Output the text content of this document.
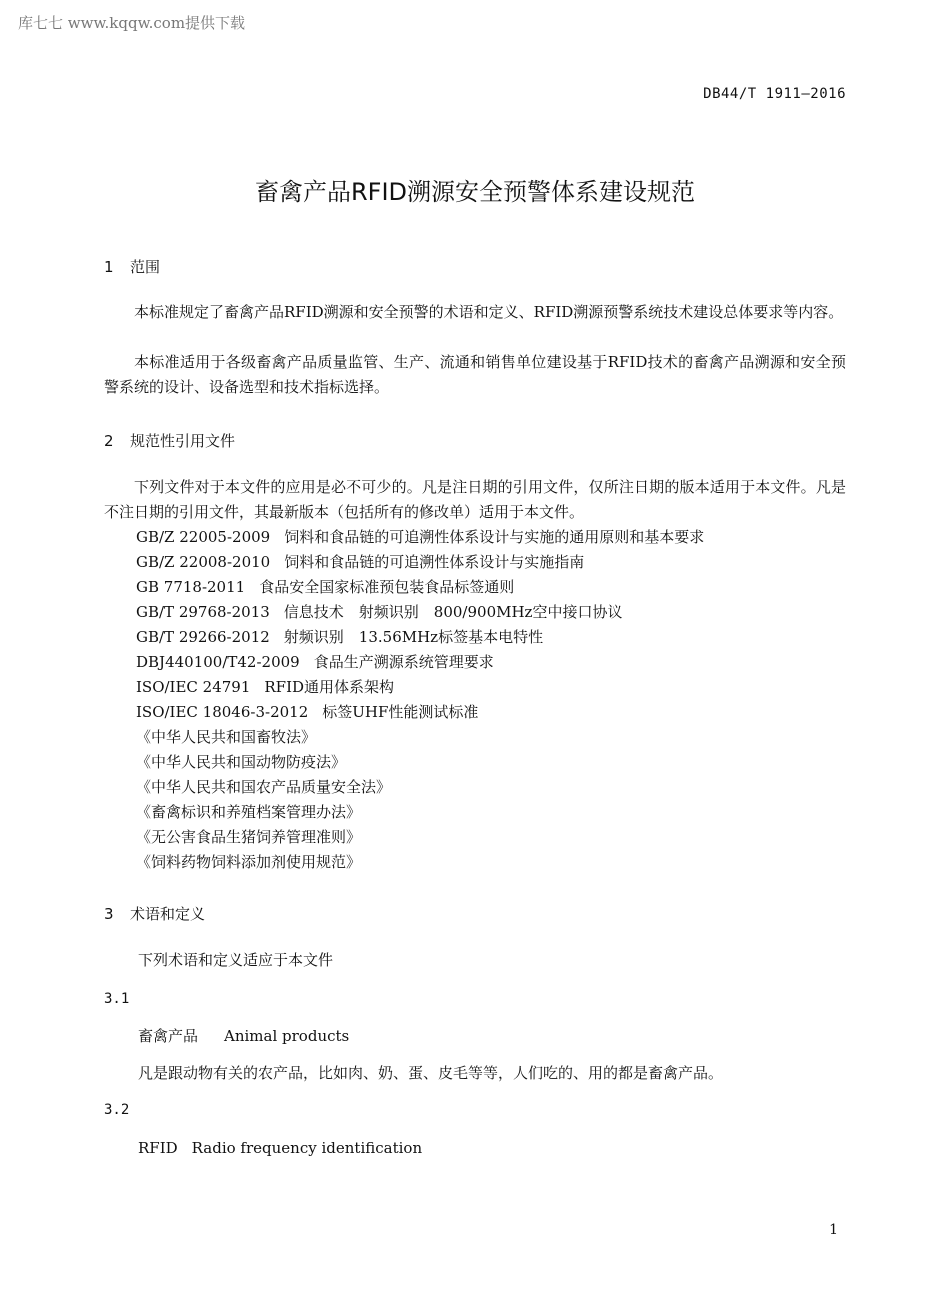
库七七 www.kqqw.com提供下载
DB44/T 1911—2016
畜禽产品RFID溯源安全预警体系建设规范
1 范围
本标准规定了畜禽产品RFID溯源和安全预警的术语和定义、RFID溯源预警系统技术建设总体要求等内容。
本标准适用于各级畜禽产品质量监管、生产、流通和销售单位建设基于RFID技术的畜禽产品溯源和安全预警系统的设计、设备选型和技术指标选择。
2 规范性引用文件
下列文件对于本文件的应用是必不可少的。凡是注日期的引用文件，仅所注日期的版本适用于本文件。凡是不注日期的引用文件，其最新版本（包括所有的修改单）适用于本文件。
GB/Z 22005-2009 饲料和食品链的可追溯性体系设计与实施的通用原则和基本要求
GB/Z 22008-2010 饲料和食品链的可追溯性体系设计与实施指南
GB 7718-2011 食品安全国家标准预包装食品标签通则
GB/T 29768-2013 信息技术　射频识别　800/900MHz空中接口协议
GB/T 29266-2012 射频识别　13.56MHz标签基本电特性
DBJ440100/T42-2009 食品生产溯源系统管理要求
ISO/IEC 24791 RFID通用体系架构
ISO/IEC 18046-3-2012 标签UHF性能测试标准
《中华人民共和国畜牧法》
《中华人民共和国动物防疫法》
《中华人民共和国农产品质量安全法》
《畜禽标识和养殖档案管理办法》
《无公害食品生猪饲养管理准则》
《饲料药物饲料添加剂使用规范》
3 术语和定义
下列术语和定义适应于本文件
3.1
畜禽产品 Animal products
凡是跟动物有关的农产品，比如肉、奶、蛋、皮毛等等，人们吃的、用的都是畜禽产品。
3.2
RFID Radio frequency identification
1
